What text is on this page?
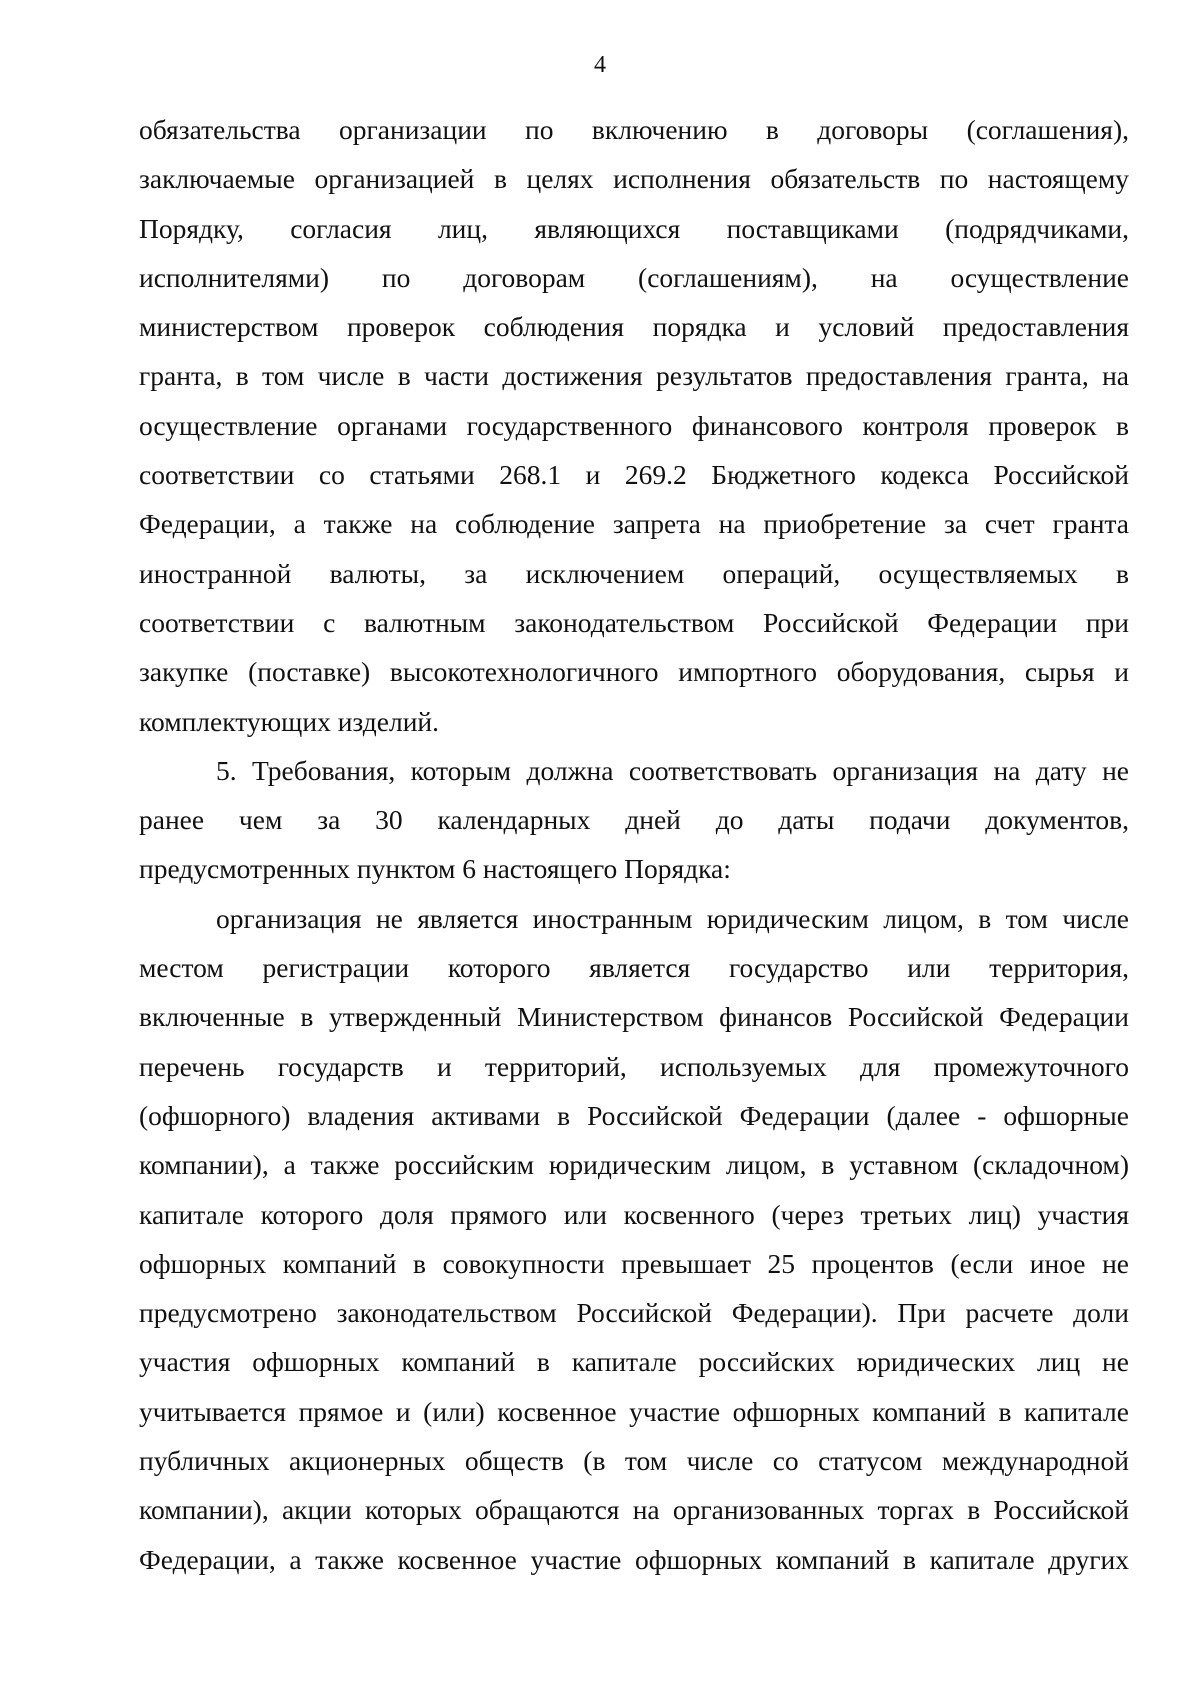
4

обязательства организации по включению в договоры (соглашения),
заключаемые организацией в целях исполнения обязательств по настоящему
Порядку, согласия лиц, являющихся поставщиками (подрядчиками,
исполнителями) по договорам (соглашениям), на осуществление
министерством проверок соблюдения порядка и условий предоставления
гранта, в том числе в части достижения результатов предоставления гранта, на
осуществление органами государственного финансового контроля проверок в
соответствии со статьями 268.1 и 269.2 Бюджетного кодекса Российской
Федерации, а также на соблюдение запрета на приобретение за счет гранта
иностранной валюты, за исключением операций, осуществляемых в
соответствии с валютным законодательством Российской Федерации при
закупке (поставке) высокотехнологичного импортного оборудования, сырья и
комплектующих изделий.

5. Требования, которым должна соответствовать организация на дату не
ранее чем за 30 календарных дней до даты подачи документов,
предусмотренных пунктом 6 настоящего Порядка:

организация не является иностранным юридическим лицом, в том числе
местом регистрации которого является государство или территория,
включенные в утвержденный Министерством финансов Российской Федерации
перечень государств и территорий, используемых для промежуточного
(офшорного) владения активами в Российской Федерации (далее - офшорные
компании), а также российским юридическим лицом, в уставном (складочном)
капитале которого доля прямого или косвенного (через третьих лиц) участия
офшорных компаний в совокупности превышает 25 процентов (если иное не
предусмотрено законодательством Российской Федерации). При расчете доли
участия офшорных компаний в капитале российских юридических лиц не
учитывается прямое и (или) косвенное участие офшорных компаний в капитале
публичных акционерных обществ (в том числе со статусом международной
компании), акции которых обращаются на организованных торгах в Российской
Федерации, а также косвенное участие офшорных компаний в капитале других
